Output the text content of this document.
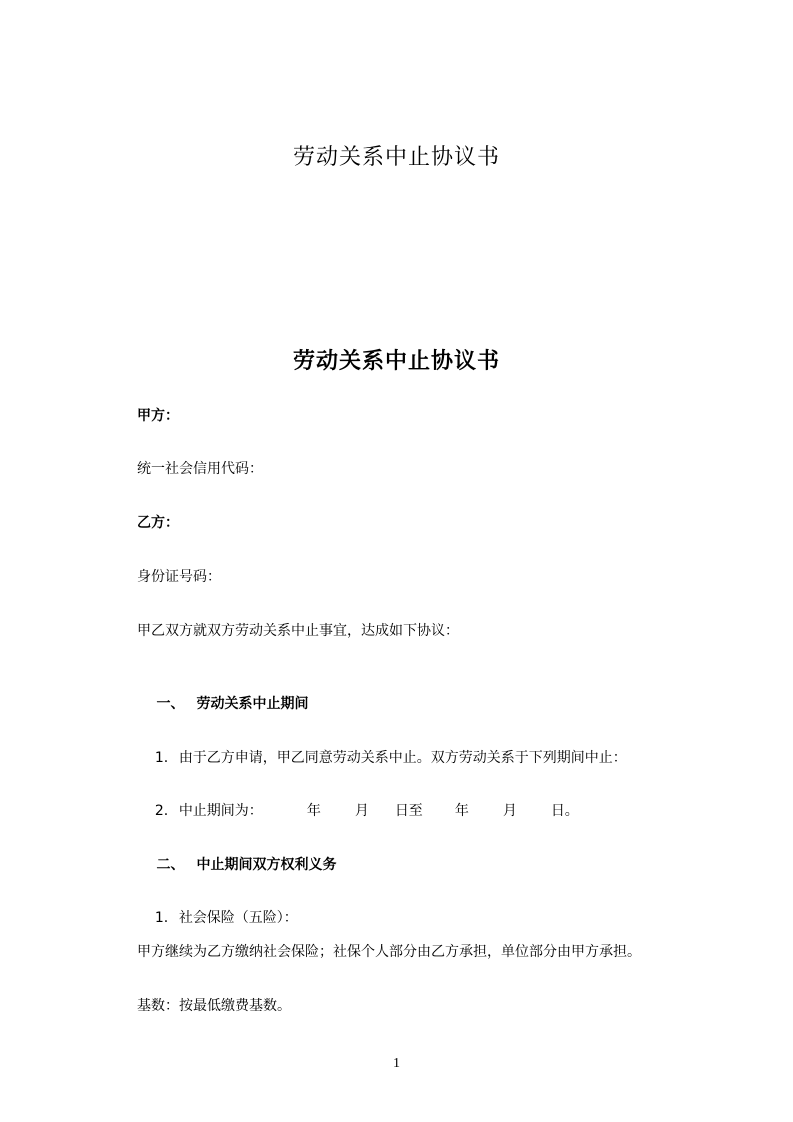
劳动关系中止协议书
劳动关系中止协议书
甲方：
统一社会信用代码：
乙方：
身份证号码：
甲乙双方就双方劳动关系中止事宜，达成如下协议：

一、 劳动关系中止期间

1. 由于乙方申请，甲乙同意劳动关系中止。双方劳动关系于下列期间中止：

2. 中止期间为：	年 月 日至 年 月 日。

二、 中止期间双方权利义务

1. 社会保险（五险）：

甲方继续为乙方缴纳社会保险；社保个人部分由乙方承担，单位部分由甲方承担。
基数：按最低缴费基数。
1
